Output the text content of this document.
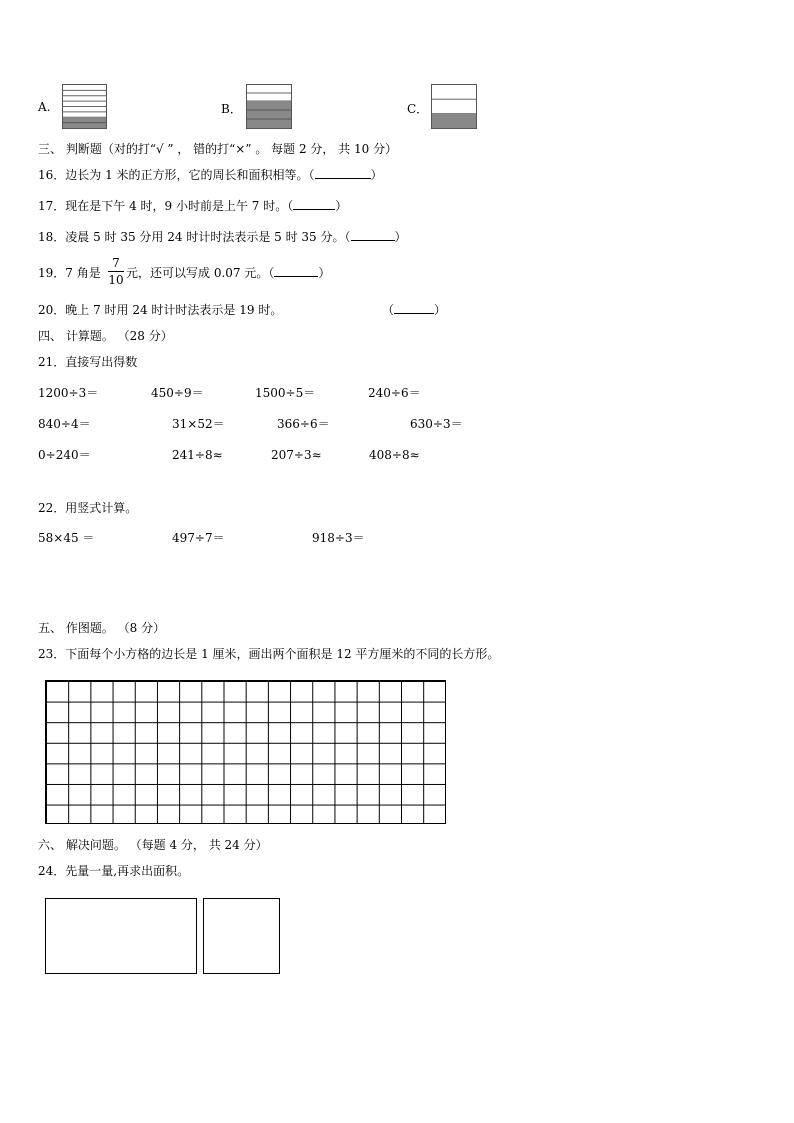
A.	B．	C．
三、 判断题（对的打“√ ” ， 错的打“×” 。 每题 2 分， 共 10 分）
16．边长为 1 米的正方形，它的周长和面积相等。（	）
17．现在是下午 4 时，9 小时前是上午 7 时。（	）
18．凌晨 5 时 35 分用 24 时计时法表示是 5 时 35 分。（	）
19．7 角是
7
10 元，还可以写成 0.07 元。（	）
20．晚上 7 时用 24 时计时法表示是 19 时。	（	）
四、 计算题。 （28 分）
21．直接写出得数
1200÷3＝	450÷9＝	1500÷5＝	240÷6＝
840÷4＝	31×52＝	366÷6＝	630÷3＝
0÷240＝	241÷8≈	207÷3≈	408÷8≈
22．用竖式计算。
58×45 ＝	497÷7＝	918÷3＝
五、 作图题。 （8 分）
23．下面每个小方格的边长是 1 厘米，画出两个面积是 12 平方厘米的不同的长方形。
六、 解决问题。 （每题 4 分， 共 24 分）
24．先量一量,再求出面积。
